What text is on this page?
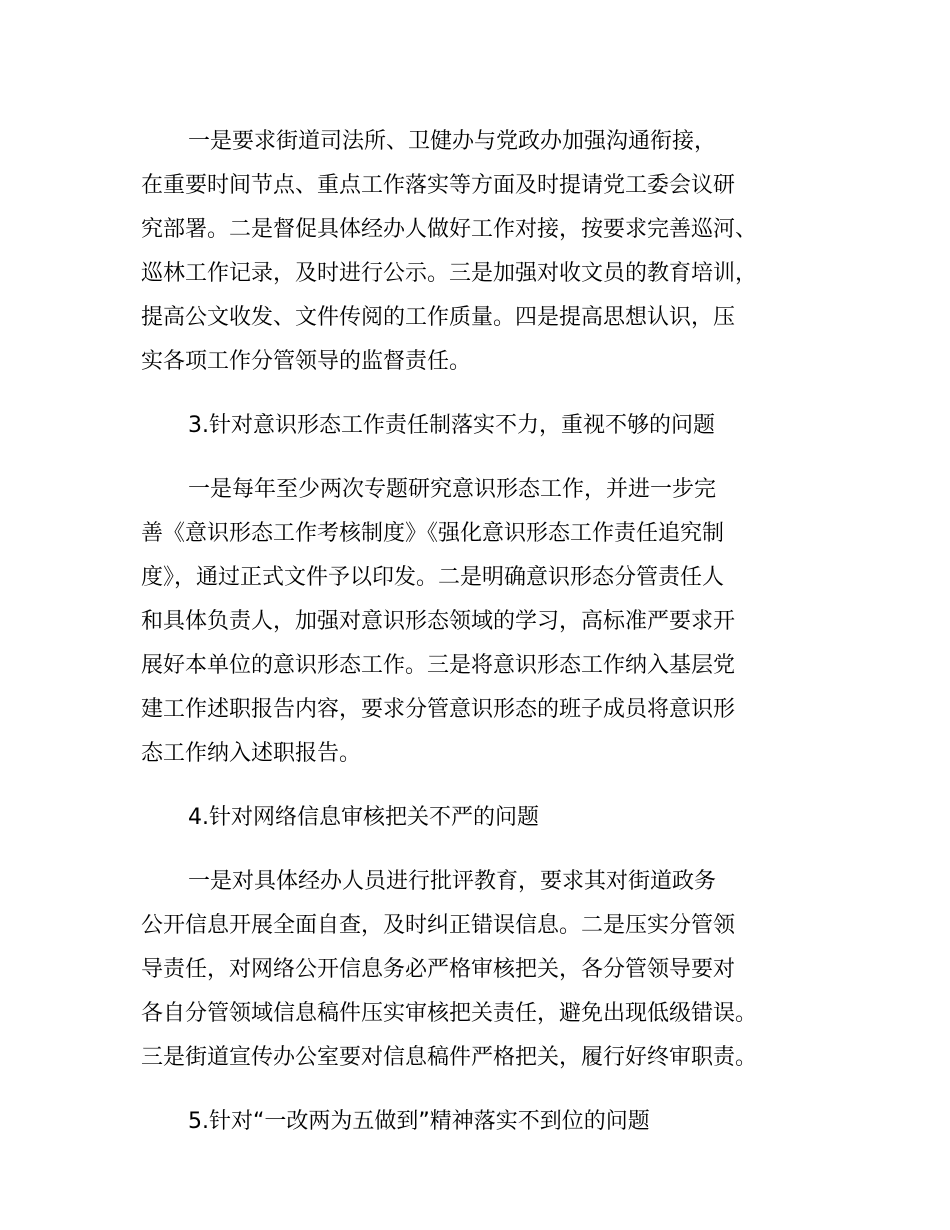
一是要求街道司法所、卫健办与党政办加强沟通衔接，
在重要时间节点、重点工作落实等方面及时提请党工委会议研
究部署。二是督促具体经办人做好工作对接，按要求完善巡河、
巡林工作记录，及时进行公示。三是加强对收文员的教育培训，
提高公文收发、文件传阅的工作质量。四是提高思想认识，压
实各项工作分管领导的监督责任。
3.针对意识形态工作责任制落实不力，重视不够的问题
一是每年至少两次专题研究意识形态工作，并进一步完
善《意识形态工作考核制度》《强化意识形态工作责任追究制
度》，通过正式文件予以印发。二是明确意识形态分管责任人
和具体负责人，加强对意识形态领域的学习，高标准严要求开
展好本单位的意识形态工作。三是将意识形态工作纳入基层党
建工作述职报告内容，要求分管意识形态的班子成员将意识形
态工作纳入述职报告。
4.针对网络信息审核把关不严的问题
一是对具体经办人员进行批评教育，要求其对街道政务
公开信息开展全面自查，及时纠正错误信息。二是压实分管领
导责任，对网络公开信息务必严格审核把关，各分管领导要对
各自分管领域信息稿件压实审核把关责任，避免出现低级错误。
三是街道宣传办公室要对信息稿件严格把关，履行好终审职责。
5.针对“一改两为五做到”精神落实不到位的问题
